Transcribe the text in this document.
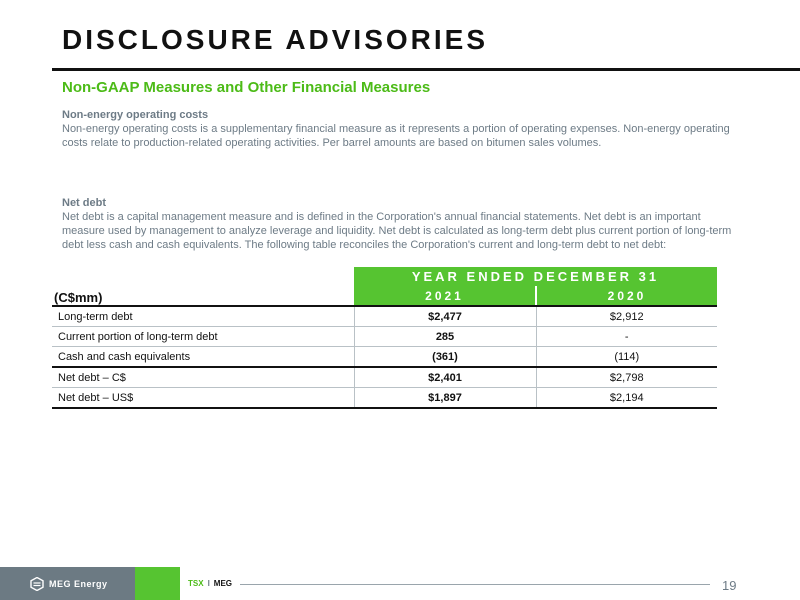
DISCLOSURE ADVISORIES
Non-GAAP Measures and Other Financial Measures
Non-energy operating costs
Non-energy operating costs is a supplementary financial measure as it represents a portion of operating expenses. Non-energy operating costs relate to production-related operating activities. Per barrel amounts are based on bitumen sales volumes.
Net debt
Net debt is a capital management measure and is defined in the Corporation's annual financial statements. Net debt is an important measure used by management to analyze leverage and liquidity. Net debt is calculated as long-term debt plus current portion of long-term debt less cash and cash equivalents. The following table reconciles the Corporation's current and long-term debt to net debt:
	YEAR ENDED DECEMBER 31	
(C$mm)	2021	2020
Long-term debt	$2,477	$2,912
Current portion of long-term debt	285	-
Cash and cash equivalents	(361)	(114)
Net debt – C$	$2,401	$2,798
Net debt – US$	$1,897	$2,194
MEG Energy	TSX I MEG	19
